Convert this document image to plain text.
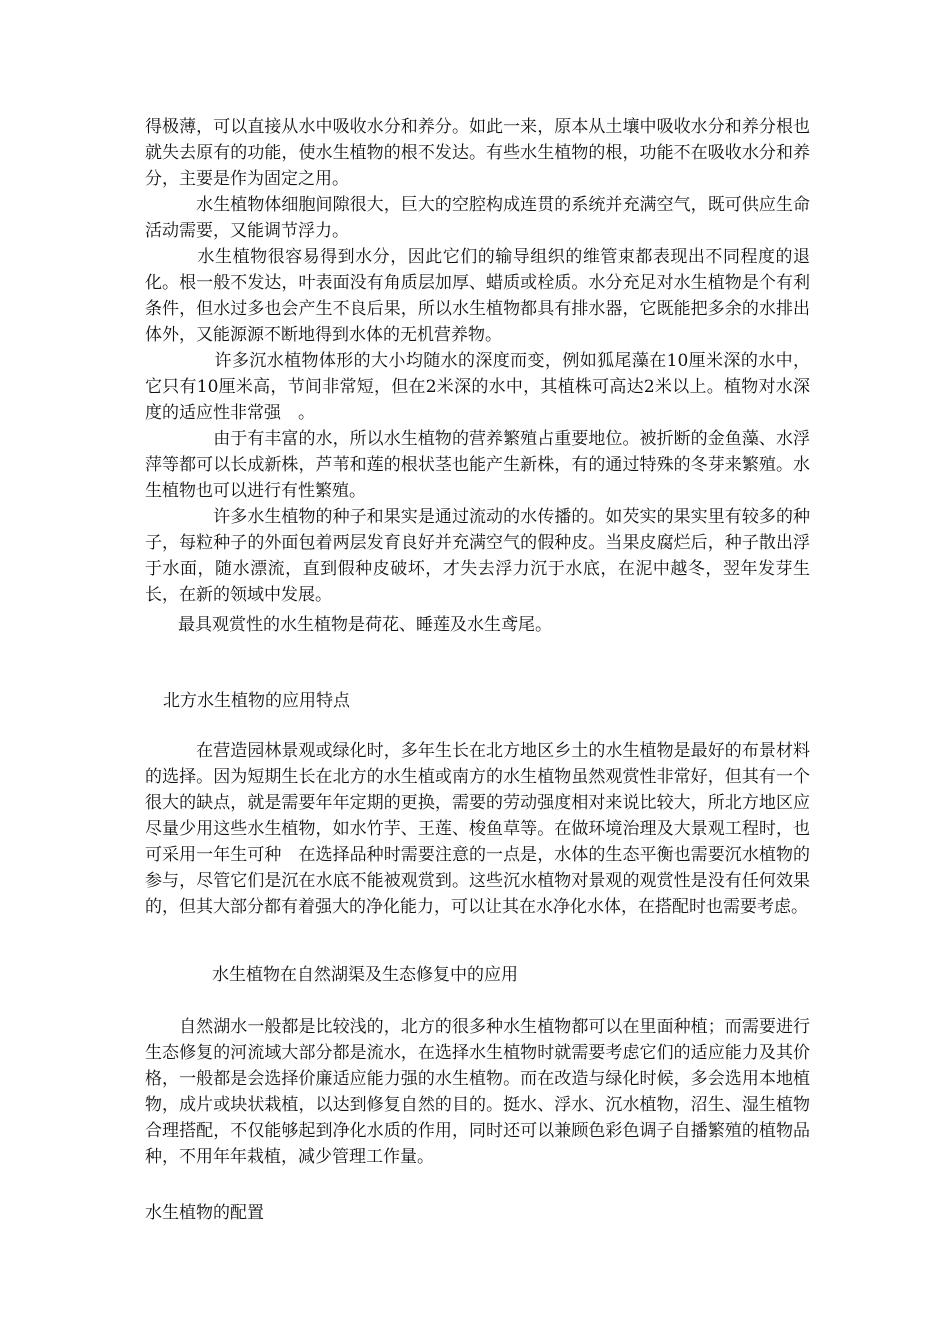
得极薄，可以直接从水中吸收水分和养分。如此一来，原本从土壤中吸收水分和养分根也就失去原有的功能，使水生植物的根不发达。有些水生植物的根，功能不在吸收水分和养分，主要是作为固定之用。

　　　水生植物体细胞间隙很大，巨大的空腔构成连贯的系统并充满空气，既可供应生命活动需要，又能调节浮力。

　　　水生植物很容易得到水分，因此它们的输导组织的维管束都表现出不同程度的退化。根一般不发达，叶表面没有角质层加厚、蜡质或栓质。水分充足对水生植物是个有利条件，但水过多也会产生不良后果，所以水生植物都具有排水器，它既能把多余的水排出体外，又能源源不断地得到水体的无机营养物。

　　　　许多沉水植物体形的大小均随水的深度而变，例如狐尾藻在10厘米深的水中，它只有10厘米高，节间非常短，但在2米深的水中，其植株可高达2米以上。植物对水深度的适应性非常强　。

　　　　由于有丰富的水，所以水生植物的营养繁殖占重要地位。被折断的金鱼藻、水浮萍等都可以长成新株，芦苇和莲的根状茎也能产生新株，有的通过特殊的冬芽来繁殖。水生植物也可以进行有性繁殖。

　　　　许多水生植物的种子和果实是通过流动的水传播的。如芡实的果实里有较多的种子，每粒种子的外面包着两层发育良好并充满空气的假种皮。当果皮腐烂后，种子散出浮于水面，随水漂流，直到假种皮破坏，才失去浮力沉于水底，在泥中越冬，翌年发芽生长，在新的领域中发展。

最具观赏性的水生植物是荷花、睡莲及水生鸢尾。

北方水生植物的应用特点

　　　在营造园林景观或绿化时，多年生长在北方地区乡土的水生植物是最好的布景材料的选择。因为短期生长在北方的水生植或南方的水生植物虽然观赏性非常好，但其有一个很大的缺点，就是需要年年定期的更换，需要的劳动强度相对来说比较大，所北方地区应尽量少用这些水生植物，如水竹芋、王莲、梭鱼草等。在做环境治理及大景观工程时，也可采用一年生可种　在选择品种时需要注意的一点是，水体的生态平衡也需要沉水植物的参与，尽管它们是沉在水底不能被观赏到。这些沉水植物对景观的观赏性是没有任何效果的，但其大部分都有着强大的净化能力，可以让其在水净化水体，在搭配时也需要考虑。

水生植物在自然湖渠及生态修复中的应用

　　自然湖水一般都是比较浅的，北方的很多种水生植物都可以在里面种植；而需要进行生态修复的河流域大部分都是流水，在选择水生植物时就需要考虑它们的适应能力及其价格，一般都是会选择价廉适应能力强的水生植物。而在改造与绿化时候，多会选用本地植物，成片或块状栽植，以达到修复自然的目的。挺水、浮水、沉水植物，沼生、湿生植物合理搭配，不仅能够起到净化水质的作用，同时还可以兼顾色彩色调子自播繁殖的植物品种，不用年年栽植，减少管理工作量。

水生植物的配置
